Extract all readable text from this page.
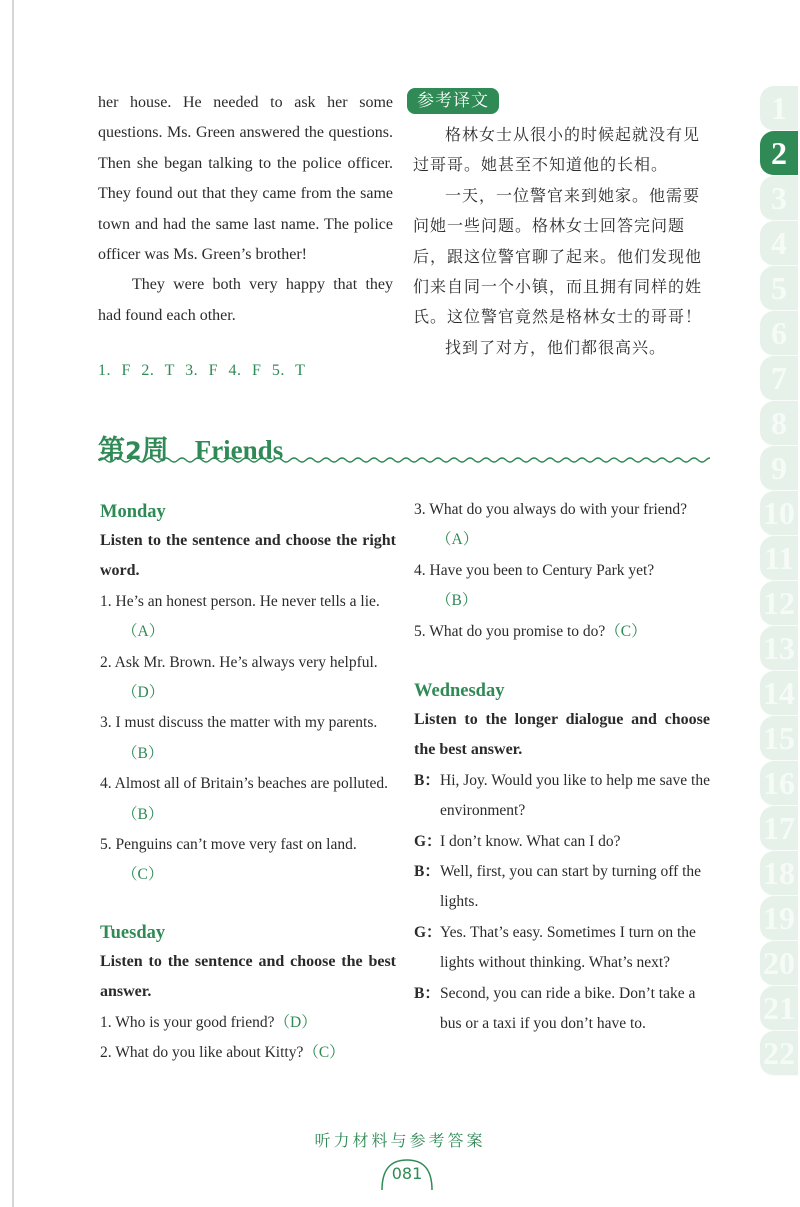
1
2
3
4
5
6
7
8
9
10
11
12
13
14
15
16
17
18
19
20
21
22

her house. He needed to ask her some questions. Ms. Green answered the questions. Then she began talking to the police officer. They found out that they came from the same town and had the same last name. The police officer was Ms. Green’s brother!

They were both very happy that they had found each other.

1. F 2. T 3. F 4. F 5. T
参考译文

格林女士从很小的时候起就没有见过哥哥。她甚至不知道他的长相。

一天，一位警官来到她家。他需要问她一些问题。格林女士回答完问题后，跟这位警官聊了起来。他们发现他们来自同一个小镇，而且拥有同样的姓氏。这位警官竟然是格林女士的哥哥！

找到了对方，他们都很高兴。

第2周 Friends

Monday

Listen to the sentence and choose the right word.

1. He’s an honest person. He never tells a lie.（A）

2. Ask Mr. Brown. He’s always very helpful.（D）

3. I must discuss the matter with my parents.（B）

4. Almost all of Britain’s beaches are polluted.（B）

5. Penguins can’t move very fast on land.
（C）

Tuesday

Listen to the sentence and choose the best answer.

1. Who is your good friend?（D）

2. What do you like about Kitty?（C）

3. What do you always do with your friend?（A）

4. Have you been to Century Park yet?
（B）

5. What do you promise to do?（C）

Wednesday

Listen to the longer dialogue and choose the best answer.

B：Hi, Joy. Would you like to help me save the environment?

G：I don’t know. What can I do?

B：Well, first, you can start by turning off the lights.

G：Yes. That’s easy. Sometimes I turn on the lights without thinking. What’s next?

B：Second, you can ride a bike. Don’t take a bus or a taxi if you don’t have to.

听力材料与参考答案
081
